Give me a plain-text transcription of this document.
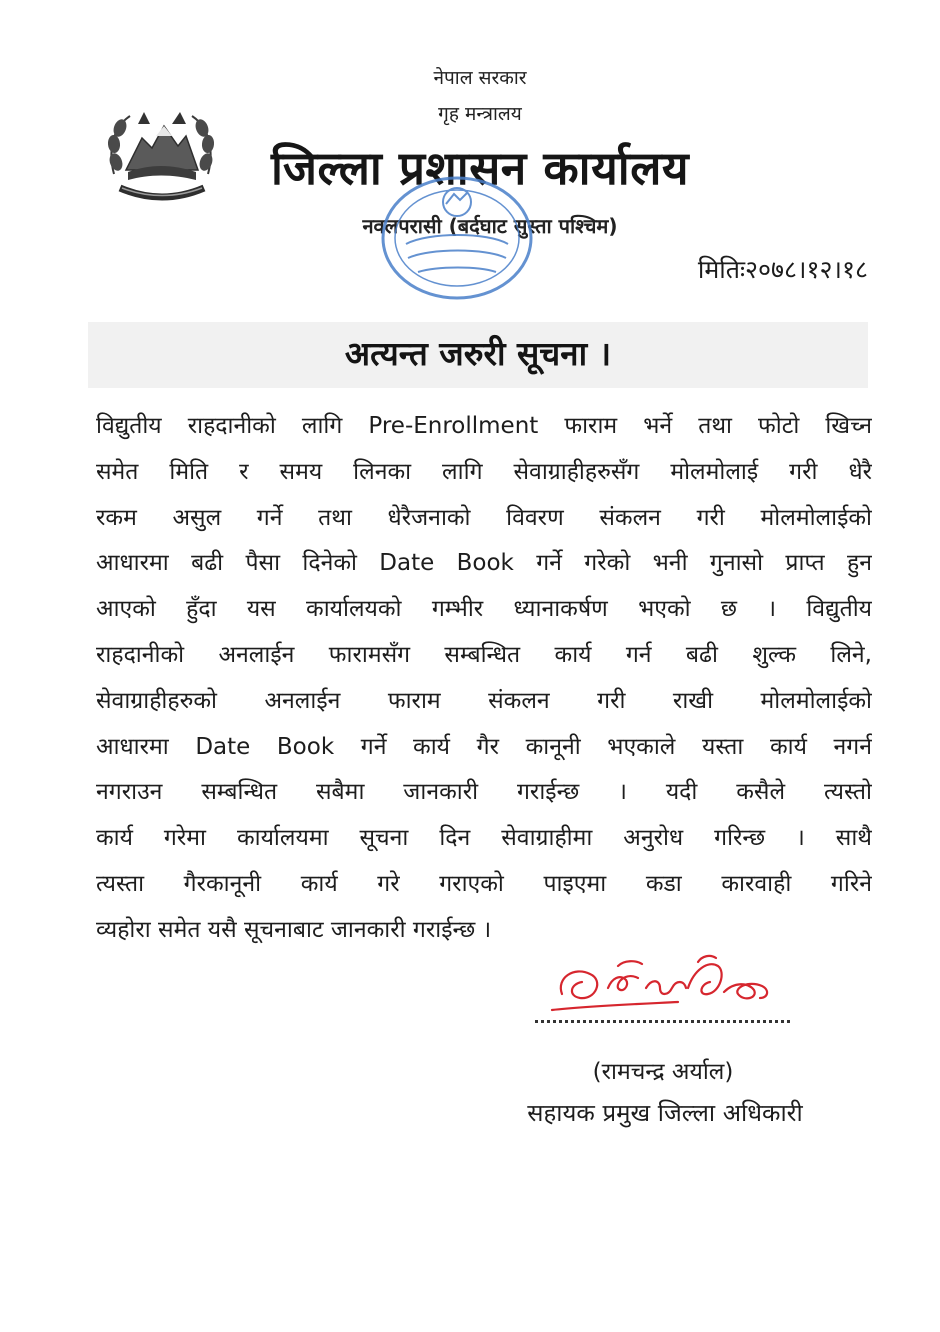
नेपाल सरकार
गृह मन्त्रालय
जिल्ला प्रशासन कार्यालय
नवलपरासी (बर्दघाट सुस्ता पश्चिम)
मितिः२०७८।१२।१८
अत्यन्त जरुरी सूचना ।
विद्युतीय राहदानीको लागि Pre-Enrollment फाराम भर्ने तथा फोटो खिच्न
समेत मिति र समय लिनका लागि सेवाग्राहीहरुसँग मोलमोलाई गरी धेरै
रकम असुल गर्ने तथा धेरैजनाको विवरण संकलन गरी मोलमोलाईको
आधारमा बढी पैसा दिनेको Date Book गर्ने गरेको भनी गुनासो प्राप्त हुन
आएको हुँदा यस कार्यालयको गम्भीर ध्यानाकर्षण भएको छ । विद्युतीय
राहदानीको अनलाईन फारामसँग सम्बन्धित कार्य गर्न बढी शुल्क लिने,
सेवाग्राहीहरुको अनलाईन फाराम संकलन गरी राखी मोलमोलाईको
आधारमा Date Book गर्ने कार्य गैर कानूनी भएकाले यस्ता कार्य नगर्न
नगराउन सम्बन्धित सबैमा जानकारी गराईन्छ । यदी कसैले त्यस्तो
कार्य गरेमा कार्यालयमा सूचना दिन सेवाग्राहीमा अनुरोध गरिन्छ । साथै
त्यस्ता गैरकानूनी कार्य गरे गराएको पाइएमा कडा कारवाही गरिने
व्यहोरा समेत यसै सूचनाबाट जानकारी गराईन्छ ।
(रामचन्द्र अर्याल)
सहायक प्रमुख जिल्ला अधिकारी
